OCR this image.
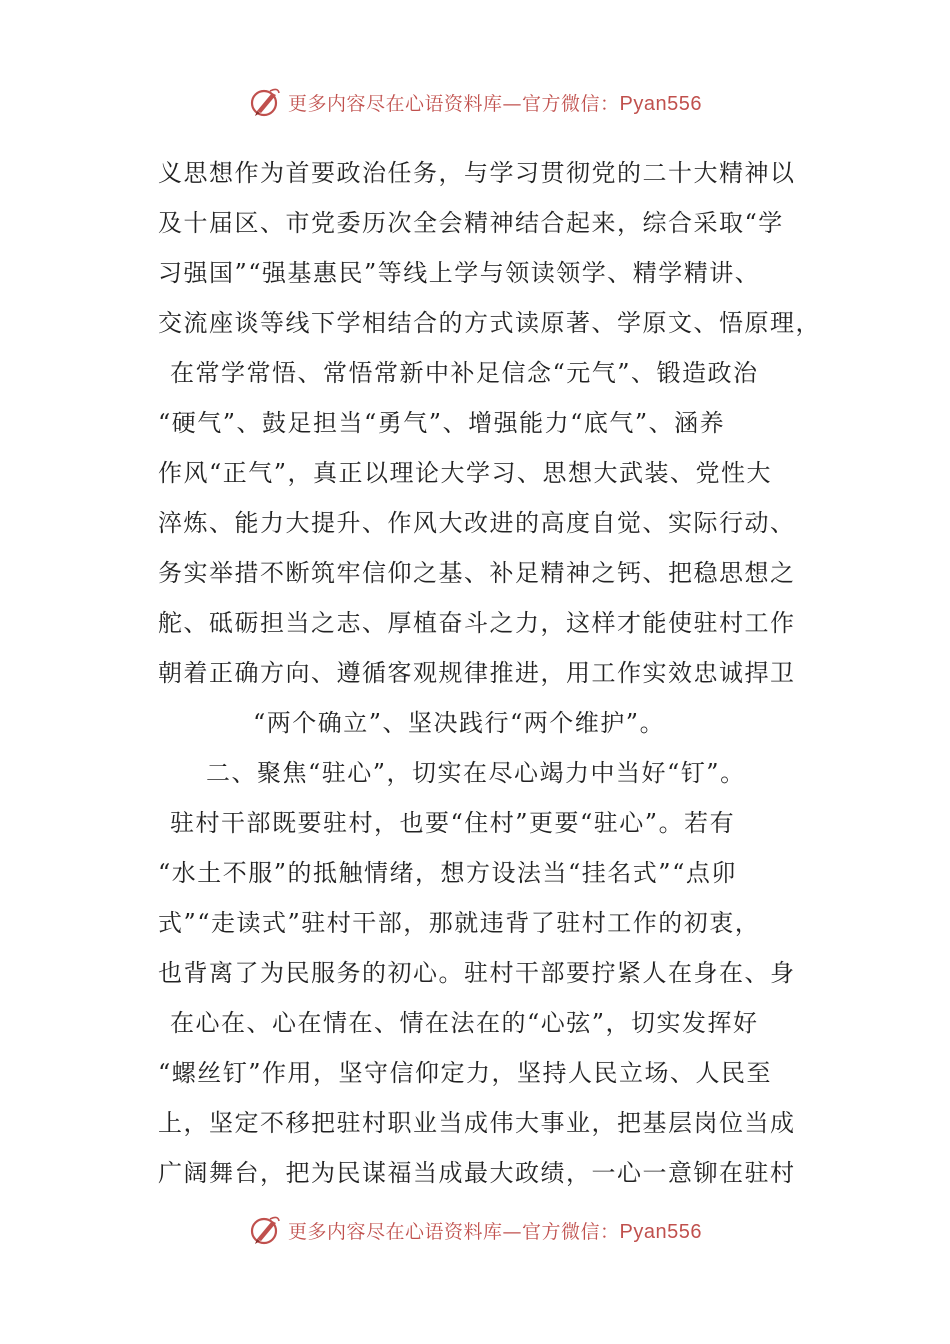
更多内容尽在心语资料库—官方微信：Pyan556
义思想作为首要政治任务，与学习贯彻党的二十大精神以
及十届区、市党委历次全会精神结合起来，综合采取“学
习强国”“强基惠民”等线上学与领读领学、精学精讲、
交流座谈等线下学相结合的方式读原著、学原文、悟原理，
在常学常悟、常悟常新中补足信念“元气”、锻造政治
“硬气”、鼓足担当“勇气”、增强能力“底气”、涵养
作风“正气”，真正以理论大学习、思想大武装、党性大
淬炼、能力大提升、作风大改进的高度自觉、实际行动、
务实举措不断筑牢信仰之基、补足精神之钙、把稳思想之
舵、砥砺担当之志、厚植奋斗之力，这样才能使驻村工作
朝着正确方向、遵循客观规律推进，用工作实效忠诚捍卫
“两个确立”、坚决践行“两个维护”。
二、聚焦“驻心”，切实在尽心竭力中当好“钉”。
驻村干部既要驻村，也要“住村”更要“驻心”。若有
“水土不服”的抵触情绪，想方设法当“挂名式”“点卯
式”“走读式”驻村干部，那就违背了驻村工作的初衷，
也背离了为民服务的初心。驻村干部要拧紧人在身在、身
在心在、心在情在、情在法在的“心弦”，切实发挥好
“螺丝钉”作用，坚守信仰定力，坚持人民立场、人民至
上，坚定不移把驻村职业当成伟大事业，把基层岗位当成
广阔舞台，把为民谋福当成最大政绩，一心一意铆在驻村
更多内容尽在心语资料库—官方微信：Pyan556
